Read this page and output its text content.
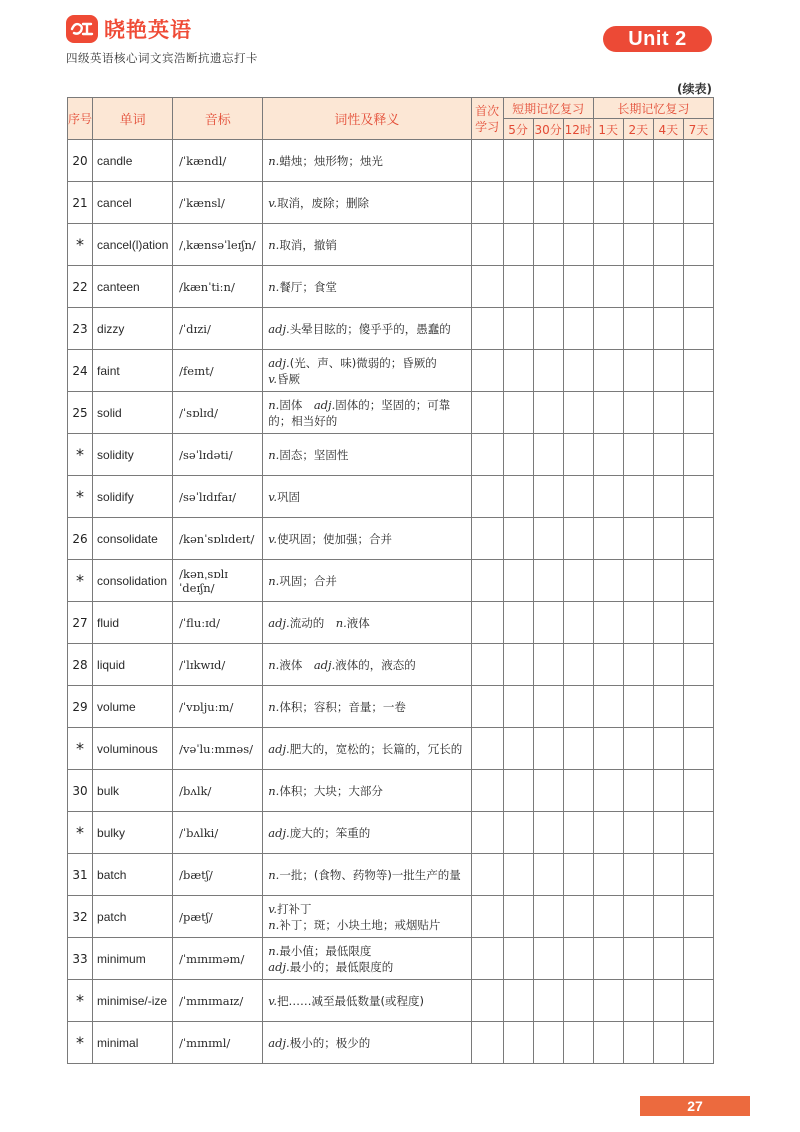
晓艳英语
四级英语核心词文宾浩断抗遗忘打卡
Unit 2
(续表)
序号	单词	音标	词性及释义	首次学习	短期记忆复习			长期记忆复习			
					5分	30分	12时	1天	2天	4天	7天
20	candle	/ˈkændl/	n.蜡烛；烛形物；烛光								

21	cancel	/ˈkænsl/	v.取消，废除；删除								

*	cancel(l)ation	/ˌkænsəˈleɪʃn/	n.取消，撤销								

22	canteen	/kænˈtiːn/	n.餐厅；食堂								

23	dizzy	/ˈdɪzi/	adj.头晕目眩的；傻乎乎的，愚蠢的								

24	faint	/feɪnt/	adj.(光、声、味)微弱的；昏厥的
v.昏厥								

25	solid	/ˈsɒlɪd/	n.固体　adj.固体的；坚固的；可靠
的；相当好的								

*	solidity	/səˈlɪdəti/	n.固态；坚固性								

*	solidify	/səˈlɪdɪfaɪ/	v.巩固								

26	consolidate	/kənˈsɒlɪdeɪt/	v.使巩固；使加强；合并								

*	consolidation	/kənˌsɒlɪˈdeɪʃn/	n.巩固；合并								

27	fluid	/ˈfluːɪd/	adj.流动的　n.液体								

28	liquid	/ˈlɪkwɪd/	n.液体　adj.液体的，液态的								

29	volume	/ˈvɒljuːm/	n.体积；容积；音量；一卷								

*	voluminous	/vəˈluːmɪnəs/	adj.肥大的，宽松的；长篇的，冗长的								

30	bulk	/bʌlk/	n.体积；大块；大部分								

*	bulky	/ˈbʌlki/	adj.庞大的；笨重的								

31	batch	/bætʃ/	n.一批；(食物、药物等)一批生产的量								

32	patch	/pætʃ/	v.打补丁
n.补丁；斑；小块土地；戒烟贴片								

33	minimum	/ˈmɪnɪməm/	n.最小值；最低限度
adj.最小的；最低限度的								

*	minimise/-ize	/ˈmɪnɪmaɪz/	v.把……减至最低数量(或程度)								

*	minimal	/ˈmɪnɪml/	adj.极小的；极少的								

27
